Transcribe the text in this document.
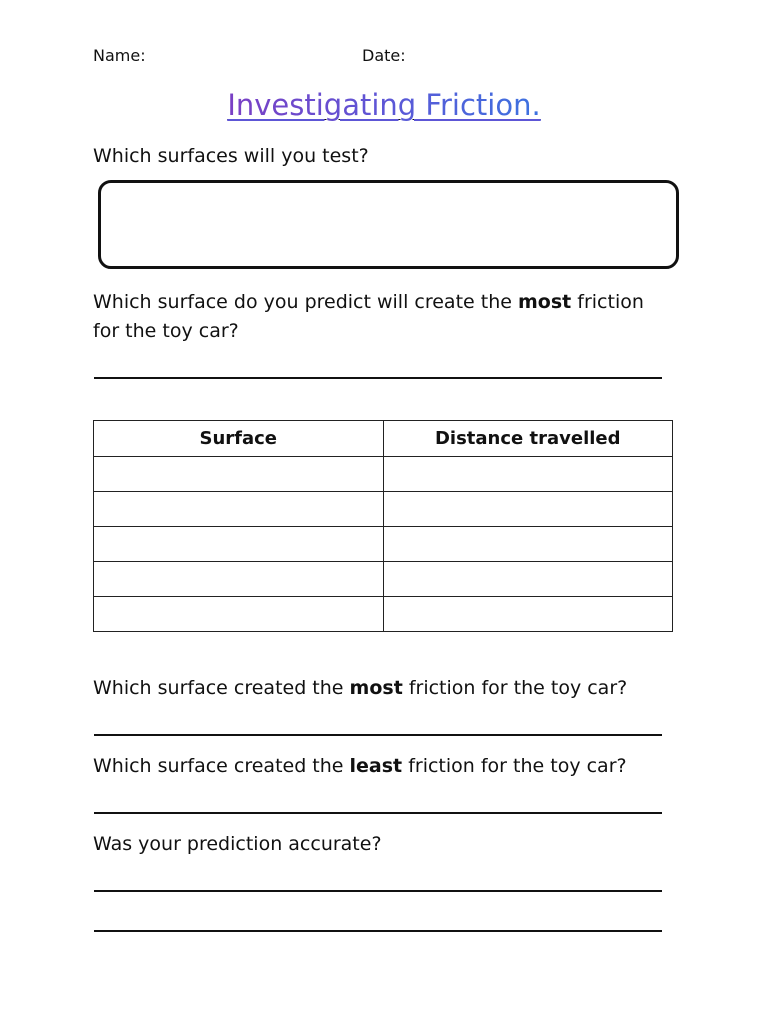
Name:	Date:
Investigating Friction.
Which surfaces will you test?
Which surface do you predict will create the most friction
for the toy car?
Surface	Distance travelled

Which surface created the most friction for the toy car?
Which surface created the least friction for the toy car?
Was your prediction accurate?
